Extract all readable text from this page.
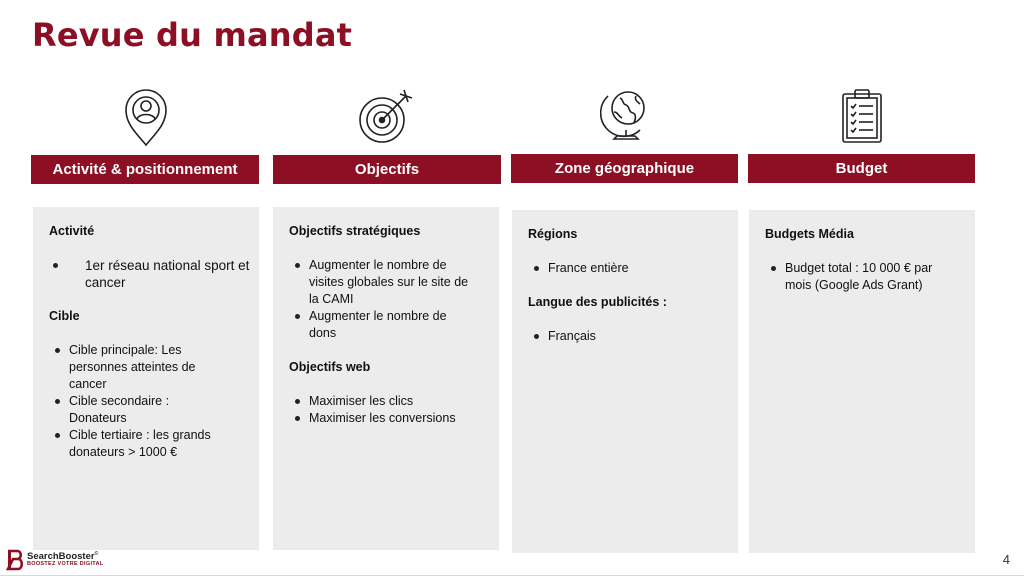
Revue du mandat
Activité & positionnement	Objectifs	Zone géographique	Budget
Activité
1er réseau national sport et cancer
Cible
Cible principale: Les personnes atteintes de cancer
Cible secondaire : Donateurs
Cible tertiaire : les grands donateurs > 1000 €
Objectifs stratégiques
Augmenter le nombre de visites globales sur le site de la CAMI
Augmenter le nombre de dons
Objectifs web
Maximiser les clics
Maximiser les conversions
Régions
France entière
Langue des publicités :
Français
Budgets Média
Budget total : 10 000 € par mois (Google Ads Grant)
SearchBooster©
BOOSTEZ VOTRE DIGITAL	4
